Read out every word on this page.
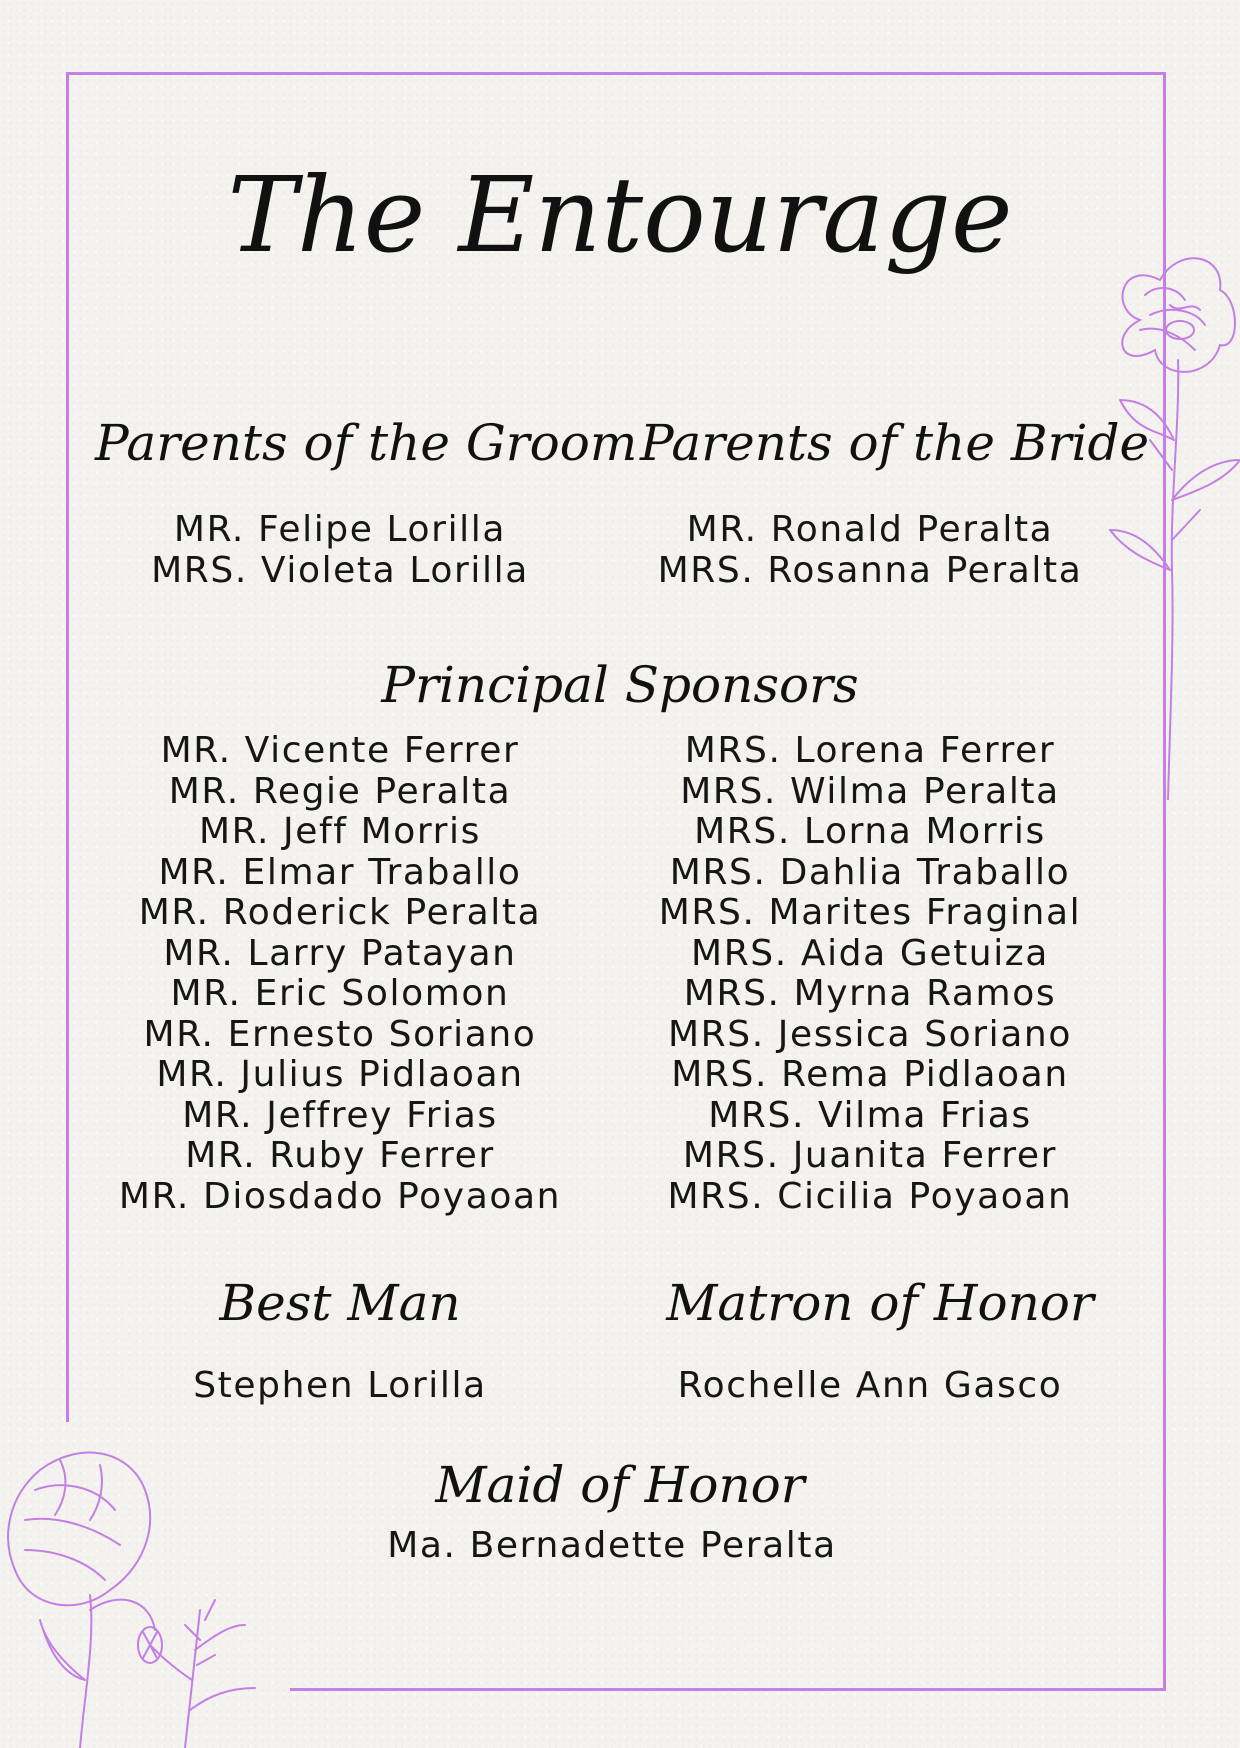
The Entourage
Parents of the Groom Parents of the Bride
MR. Felipe Lorilla
MRS. Violeta Lorilla
MR. Ronald Peralta
MRS. Rosanna Peralta
Principal Sponsors
MR. Vicente Ferrer
MR. Regie Peralta
MR. Jeff Morris
MR. Elmar Traballo
MR. Roderick Peralta
MR. Larry Patayan
MR. Eric Solomon
MR. Ernesto Soriano
MR. Julius Pidlaoan
MR. Jeffrey Frias
MR. Ruby Ferrer
MR. Diosdado Poyaoan
MRS. Lorena Ferrer
MRS. Wilma Peralta
MRS. Lorna Morris
MRS. Dahlia Traballo
MRS. Marites Fraginal
MRS. Aida Getuiza
MRS. Myrna Ramos
MRS. Jessica Soriano
MRS. Rema Pidlaoan
MRS. Vilma Frias
MRS. Juanita Ferrer
MRS. Cicilia Poyaoan
Best Man	Matron of Honor
Stephen Lorilla	Rochelle Ann Gasco
Maid of Honor
Ma. Bernadette Peralta
